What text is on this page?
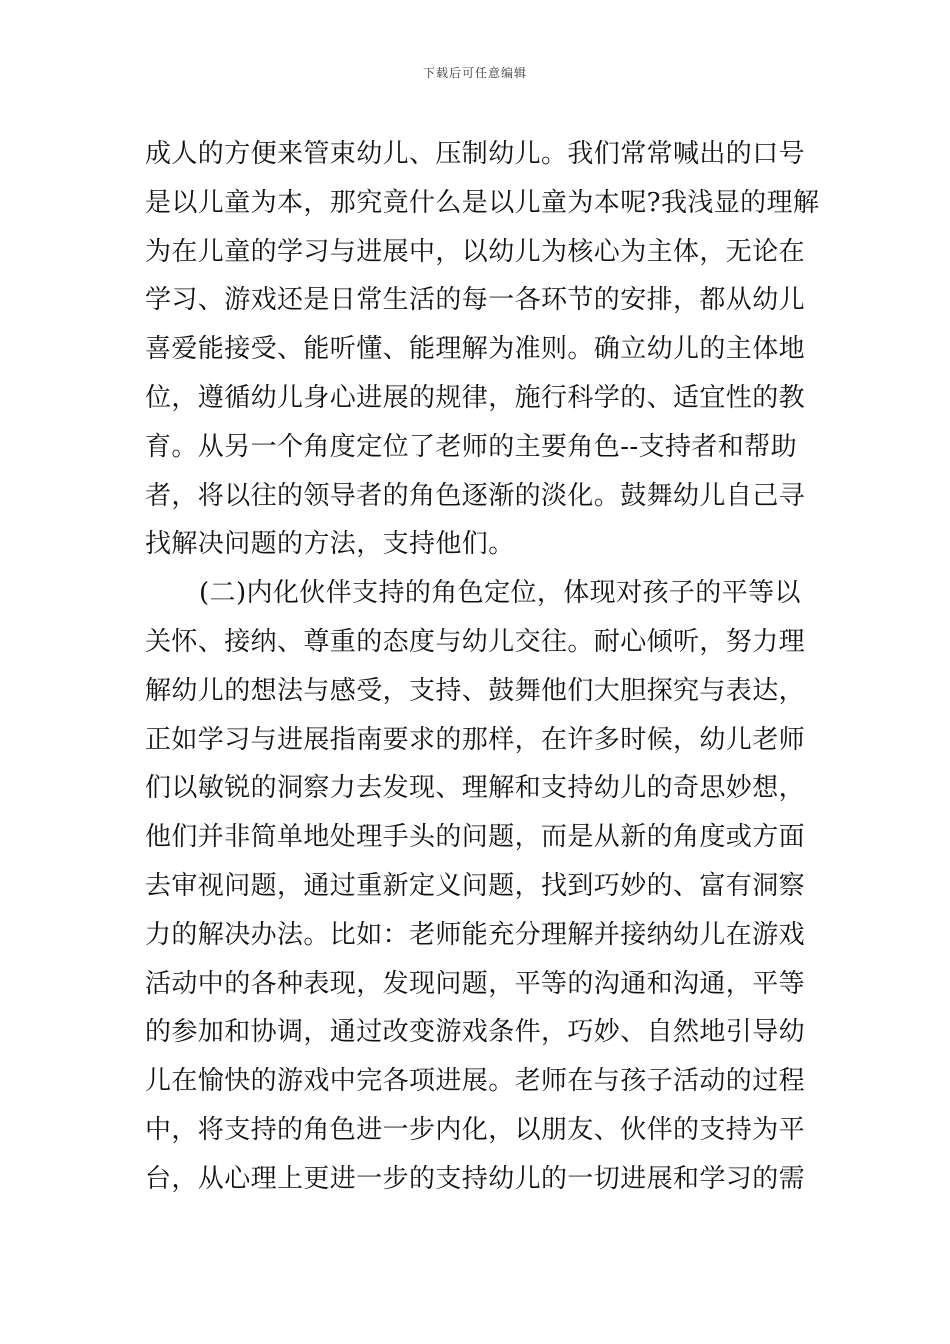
下载后可任意编辑
成人的方便来管束幼儿、压制幼儿。我们常常喊出的口号
是以儿童为本，那究竟什么是以儿童为本呢?我浅显的理解
为在儿童的学习与进展中，以幼儿为核心为主体，无论在
学习、游戏还是日常生活的每一各环节的安排，都从幼儿
喜爱能接受、能听懂、能理解为准则。确立幼儿的主体地
位，遵循幼儿身心进展的规律，施行科学的、适宜性的教
育。从另一个角度定位了老师的主要角色--支持者和帮助
者，将以往的领导者的角色逐渐的淡化。鼓舞幼儿自己寻
找解决问题的方法，支持他们。
(二)内化伙伴支持的角色定位，体现对孩子的平等以
关怀、接纳、尊重的态度与幼儿交往。耐心倾听，努力理
解幼儿的想法与感受，支持、鼓舞他们大胆探究与表达，
正如学习与进展指南要求的那样，在许多时候，幼儿老师
们以敏锐的洞察力去发现、理解和支持幼儿的奇思妙想，
他们并非简单地处理手头的问题，而是从新的角度或方面
去审视问题，通过重新定义问题，找到巧妙的、富有洞察
力的解决办法。比如：老师能充分理解并接纳幼儿在游戏
活动中的各种表现，发现问题，平等的沟通和沟通，平等
的参加和协调，通过改变游戏条件，巧妙、自然地引导幼
儿在愉快的游戏中完各项进展。老师在与孩子活动的过程
中，将支持的角色进一步内化，以朋友、伙伴的支持为平
台，从心理上更进一步的支持幼儿的一切进展和学习的需
